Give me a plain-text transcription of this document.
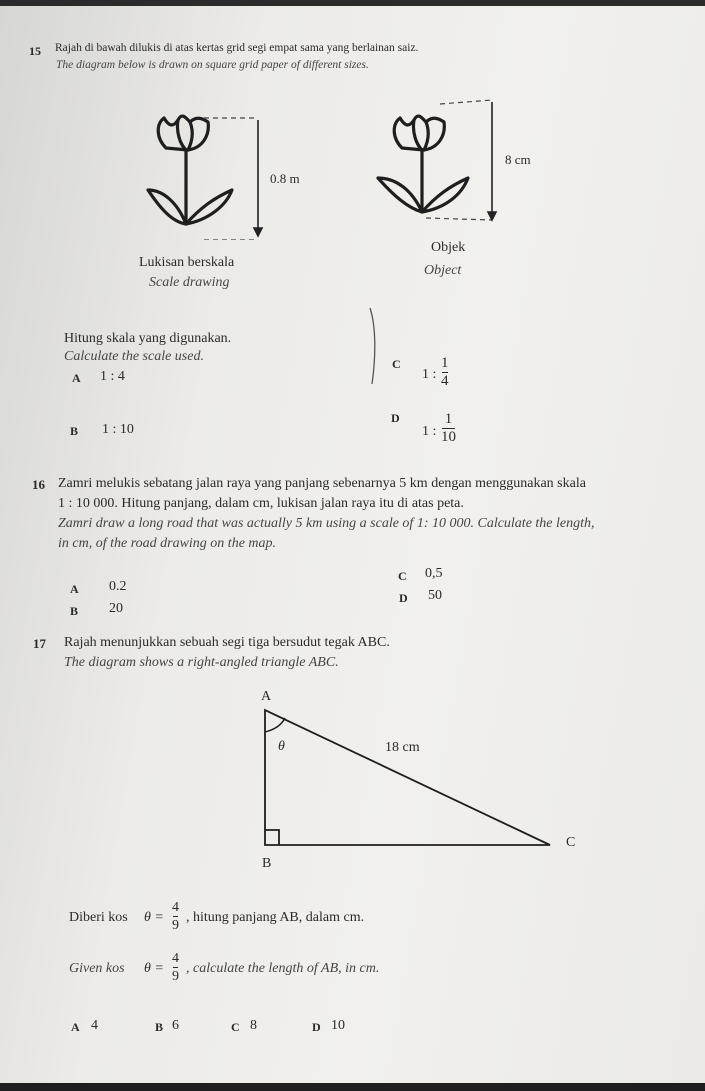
15 Rajah di bawah dilukis di atas kertas grid segi empat sama yang berlainan saiz.
The diagram below is drawn on square grid paper of different sizes.
0.8 m
8 cm
Lukisan berskala
Scale drawing
Objek
Object
Hitung skala yang digunakan.
Calculate the scale used.
A 1 : 4
B 1 : 10
C
1 :
1
4
D
1 :
1
10
16 Zamri melukis sebatang jalan raya yang panjang sebenarnya 5 km dengan menggunakan skala
1 : 10 000. Hitung panjang, dalam cm, lukisan jalan raya itu di atas peta.
Zamri draw a long road that was actually 5 km using a scale of 1: 10 000. Calculate the length,
in cm, of the road drawing on the map.
A 0.2
B 20
C 0,5
D 50
17 Rajah menunjukkan sebuah segi tiga bersudut tegak ABC.
The diagram shows a right-angled triangle ABC.
A
B
C
θ	18 cm
Diberi kos θ =
4
9
, hitung panjang AB, dalam cm.
Given kos θ =
4
9
, calculate the length of AB, in cm.
A 4	B 6	C 8	D 10
